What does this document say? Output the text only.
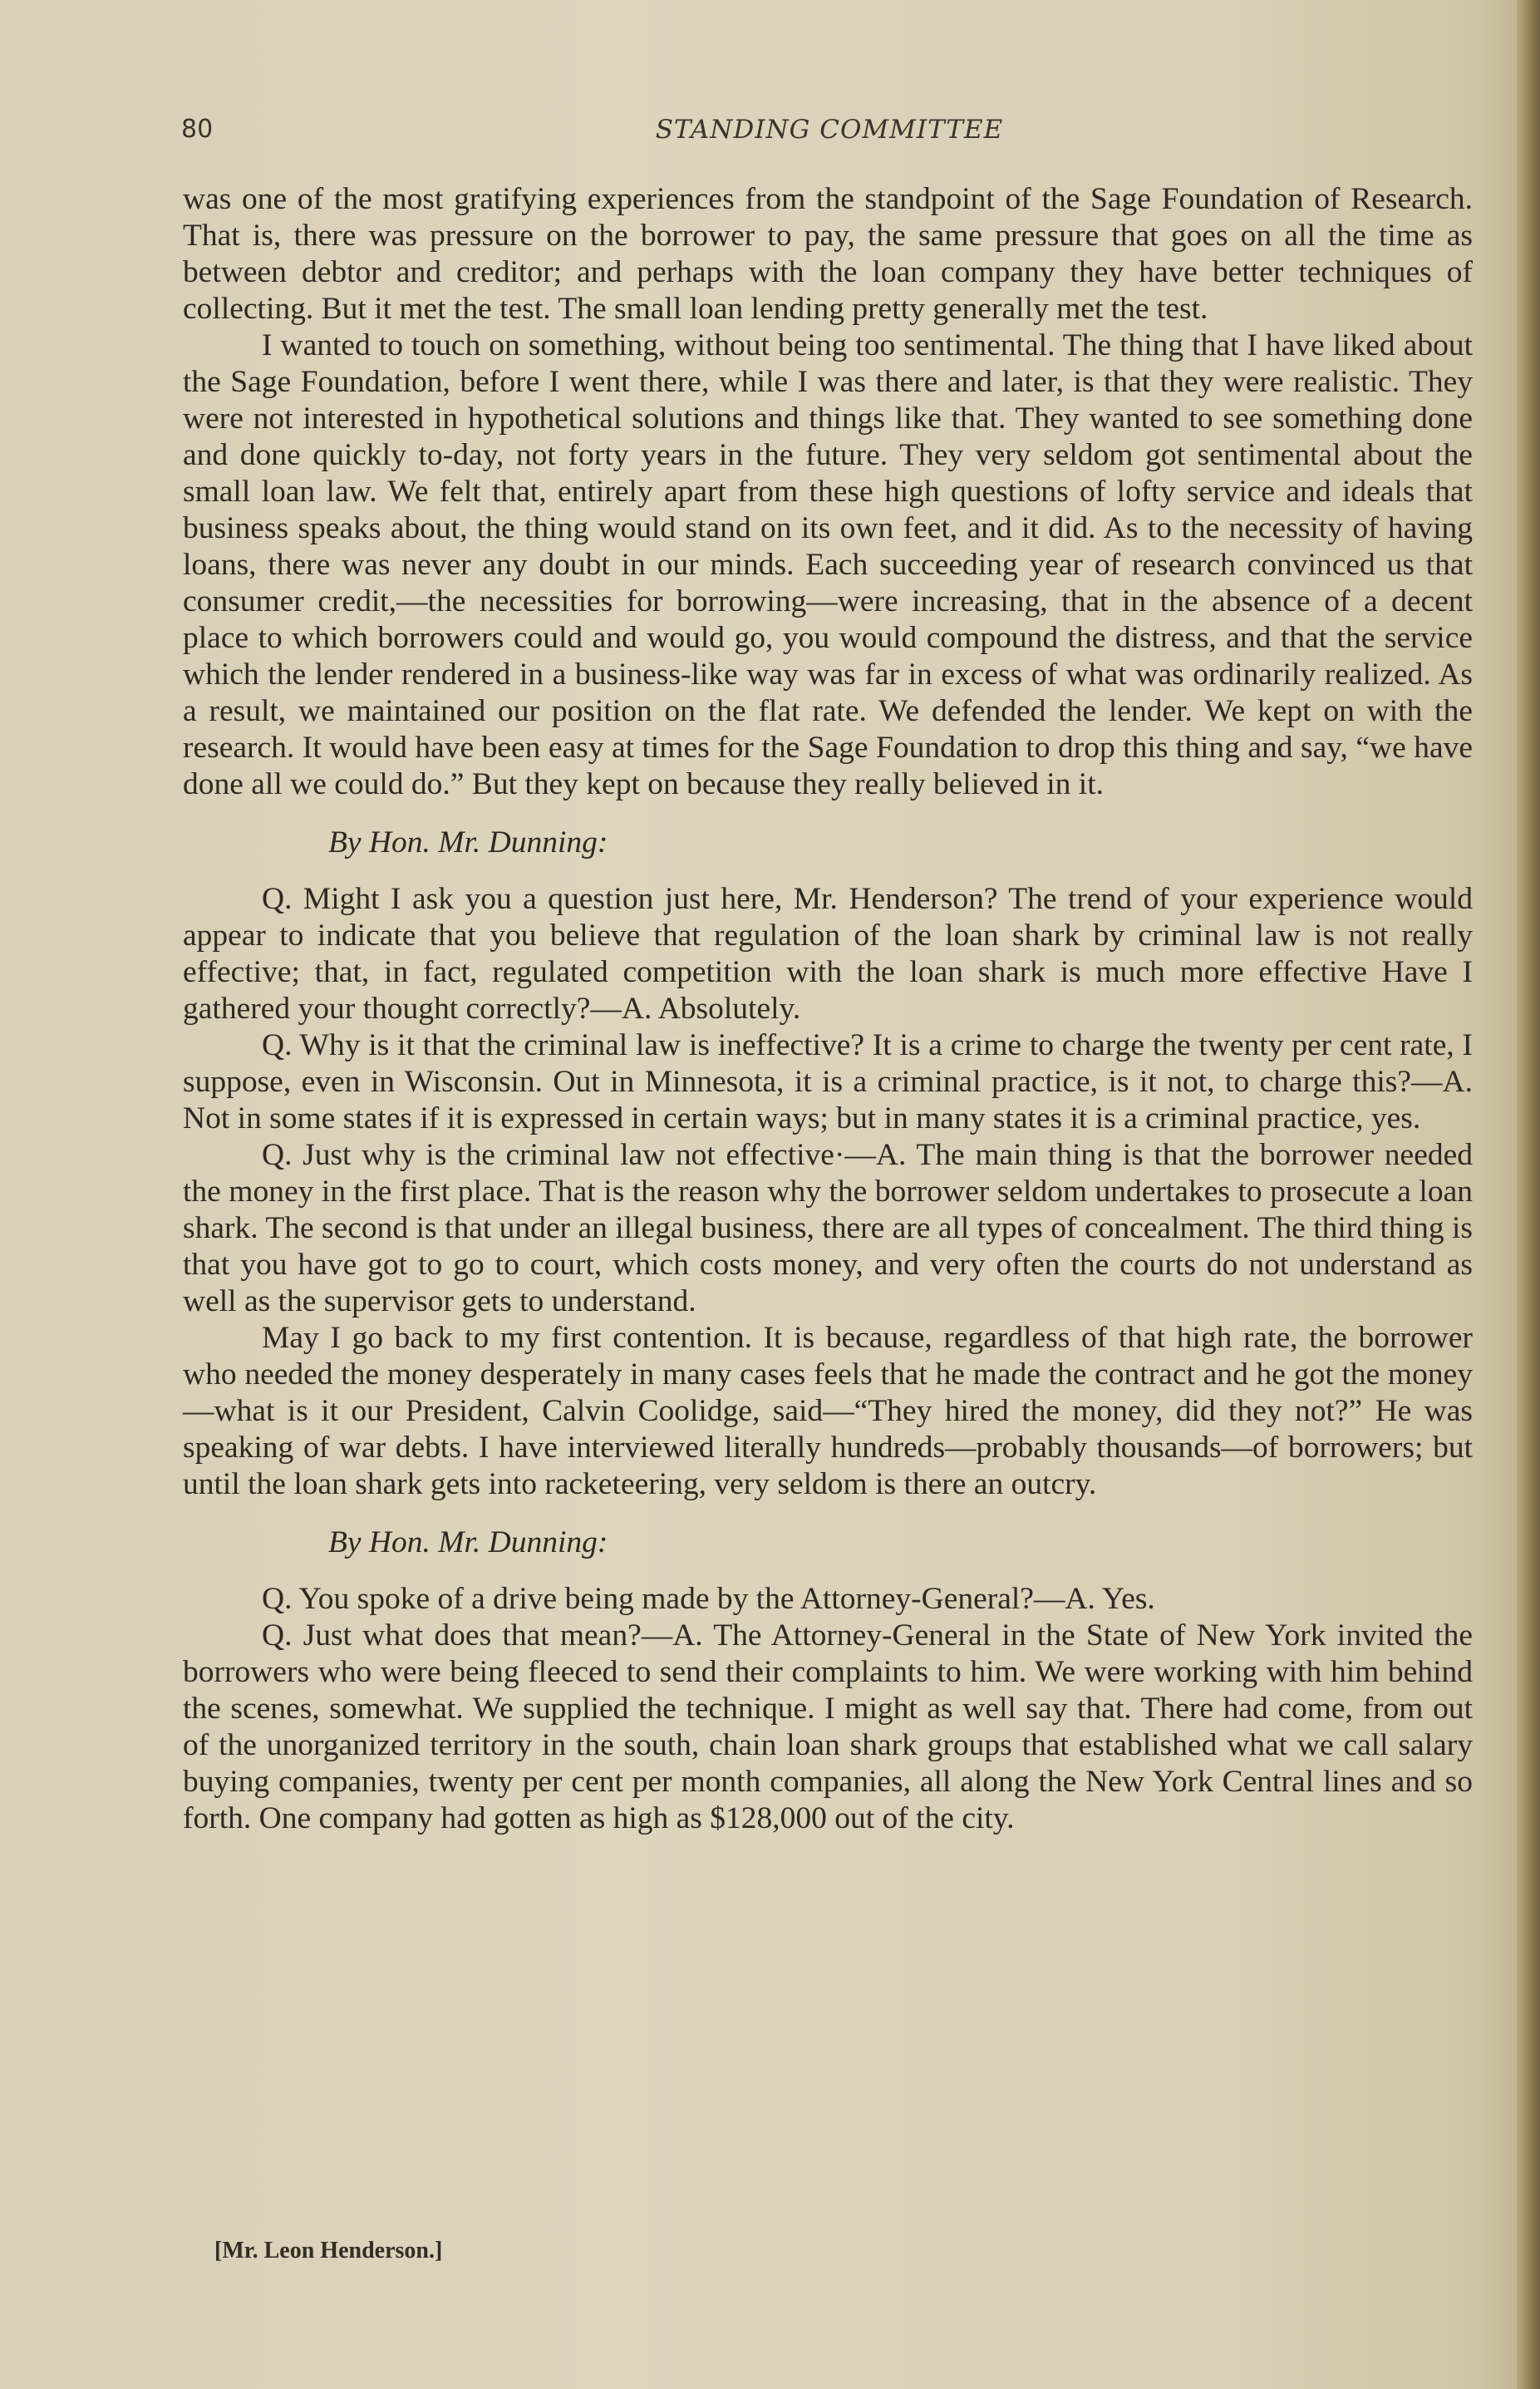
80	STANDING COMMITTEE

was one of the most gratifying experiences from the standpoint of the Sage Foundation of Research. That is, there was pressure on the borrower to pay, the same pressure that goes on all the time as between debtor and creditor; and perhaps with the loan company they have better techniques of collecting. But it met the test. The small loan lending pretty generally met the test.

I wanted to touch on something, without being too sentimental. The thing that I have liked about the Sage Foundation, before I went there, while I was there and later, is that they were realistic. They were not interested in hypothetical solutions and things like that. They wanted to see something done and done quickly to-day, not forty years in the future. They very seldom got sentimental about the small loan law. We felt that, entirely apart from these high questions of lofty service and ideals that business speaks about, the thing would stand on its own feet, and it did. As to the necessity of having loans, there was never any doubt in our minds. Each succeeding year of research convinced us that consumer credit,—the necessities for borrowing—were increasing, that in the absence of a decent place to which borrowers could and would go, you would compound the distress, and that the service which the lender rendered in a business-like way was far in excess of what was ordinarily realized. As a result, we maintained our position on the flat rate. We defended the lender. We kept on with the research. It would have been easy at times for the Sage Foundation to drop this thing and say, “we have done all we could do.” But they kept on because they really believed in it.

By Hon. Mr. Dunning:

Q. Might I ask you a question just here, Mr. Henderson? The trend of your experience would appear to indicate that you believe that regulation of the loan shark by criminal law is not really effective; that, in fact, regulated competition with the loan shark is much more effective Have I gathered your thought correctly?—A. Absolutely.

Q. Why is it that the criminal law is ineffective? It is a crime to charge the twenty per cent rate, I suppose, even in Wisconsin. Out in Minnesota, it is a criminal practice, is it not, to charge this?—A. Not in some states if it is expressed in certain ways; but in many states it is a criminal practice, yes.

Q. Just why is the criminal law not effective·—A. The main thing is that the borrower needed the money in the first place. That is the reason why the borrower seldom undertakes to prosecute a loan shark. The second is that under an illegal business, there are all types of concealment. The third thing is that you have got to go to court, which costs money, and very often the courts do not understand as well as the supervisor gets to understand.

May I go back to my first contention. It is because, regardless of that high rate, the borrower who needed the money desperately in many cases feels that he made the contract and he got the money—what is it our President, Calvin Coolidge, said—“They hired the money, did they not?” He was speaking of war debts. I have interviewed literally hundreds—probably thousands—of borrowers; but until the loan shark gets into racketeering, very seldom is there an outcry.

By Hon. Mr. Dunning:

Q. You spoke of a drive being made by the Attorney-General?—A. Yes.

Q. Just what does that mean?—A. The Attorney-General in the State of New York invited the borrowers who were being fleeced to send their complaints to him. We were working with him behind the scenes, somewhat. We supplied the technique. I might as well say that. There had come, from out of the unorganized territory in the south, chain loan shark groups that established what we call salary buying companies, twenty per cent per month companies, all along the New York Central lines and so forth. One company had gotten as high as $128,000 out of the city.

[Mr. Leon Henderson.]
